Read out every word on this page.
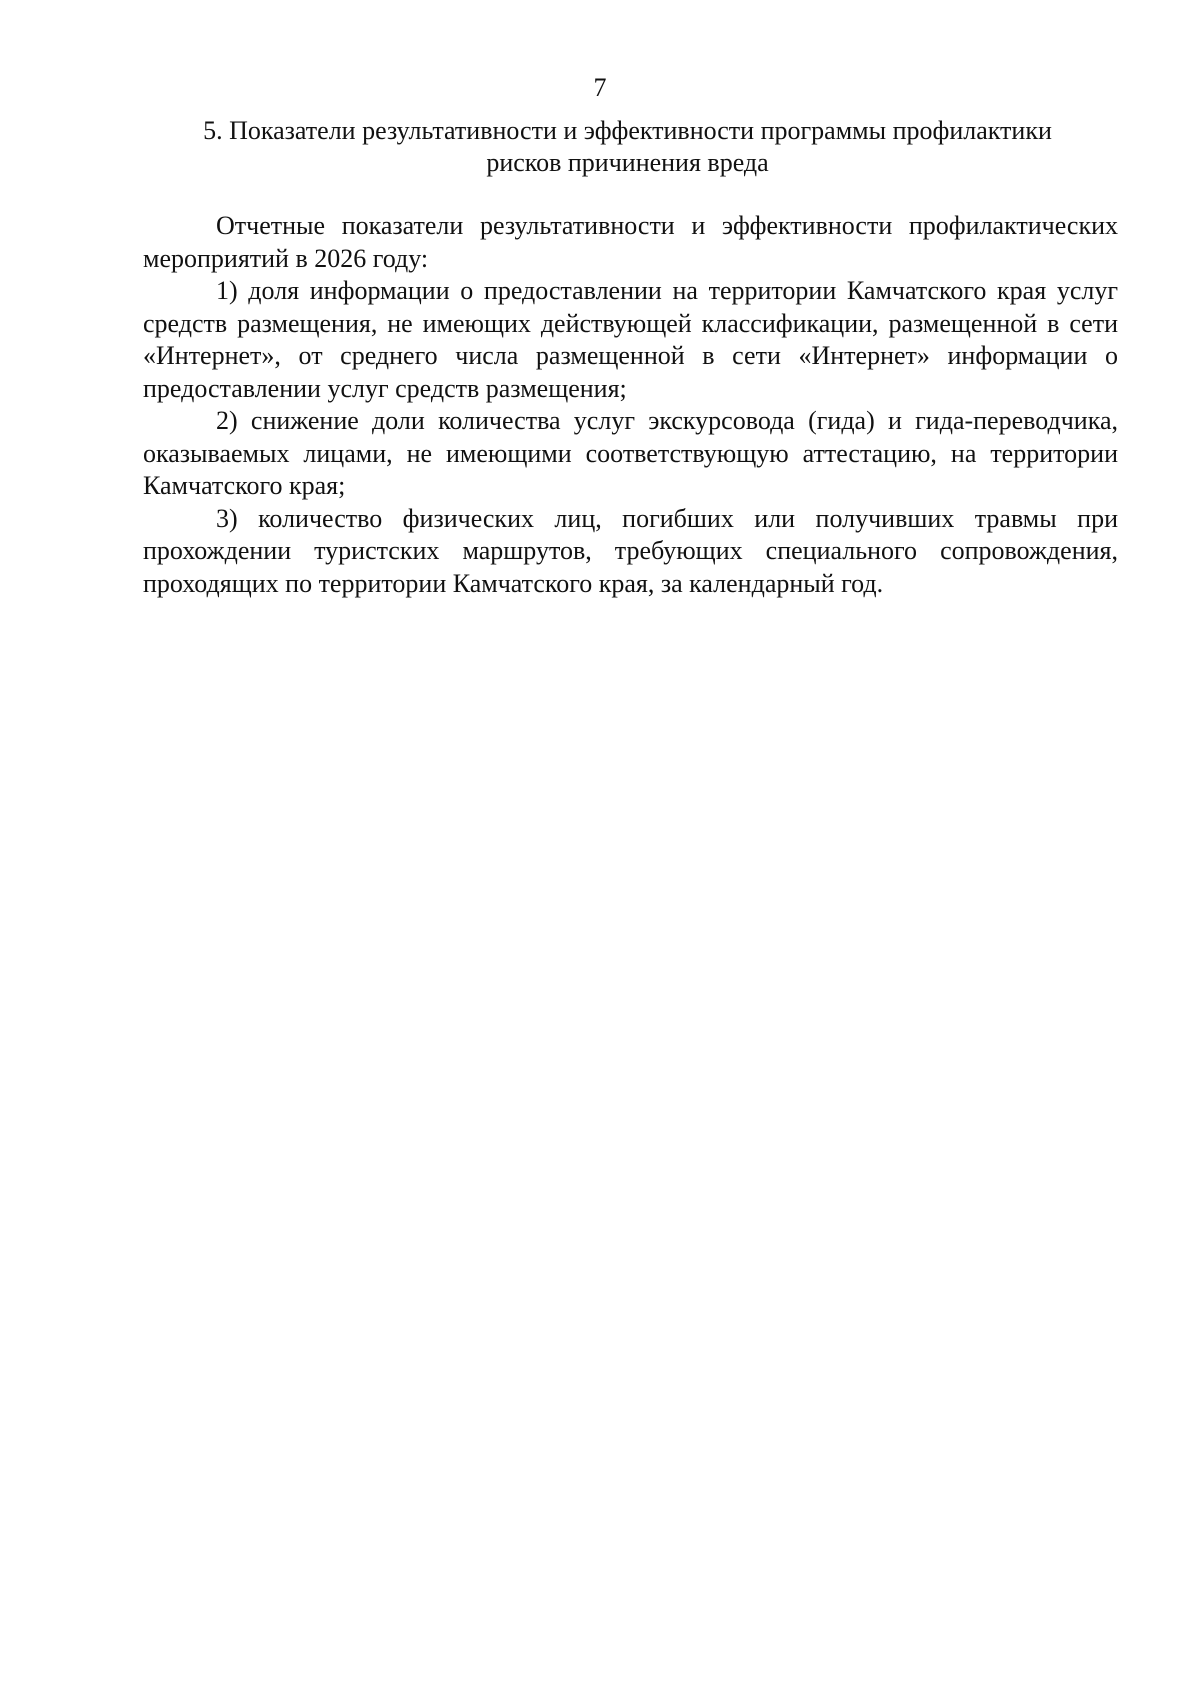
7
5. Показатели результативности и эффективности программы профилактики
рисков причинения вреда

Отчетные показатели результативности и эффективности профилактических мероприятий в 2026 году:

1) доля информации о предоставлении на территории Камчатского края услуг средств размещения, не имеющих действующей классификации, размещенной в сети «Интернет», от среднего числа размещенной в сети «Интернет» информации о предоставлении услуг средств размещения;

2) снижение доли количества услуг экскурсовода (гида) и гида-переводчика, оказываемых лицами, не имеющими соответствующую аттестацию, на территории Камчатского края;

3) количество физических лиц, погибших или получивших травмы при прохождении туристских маршрутов, требующих специального сопровождения, проходящих по территории Камчатского края, за календарный год.
